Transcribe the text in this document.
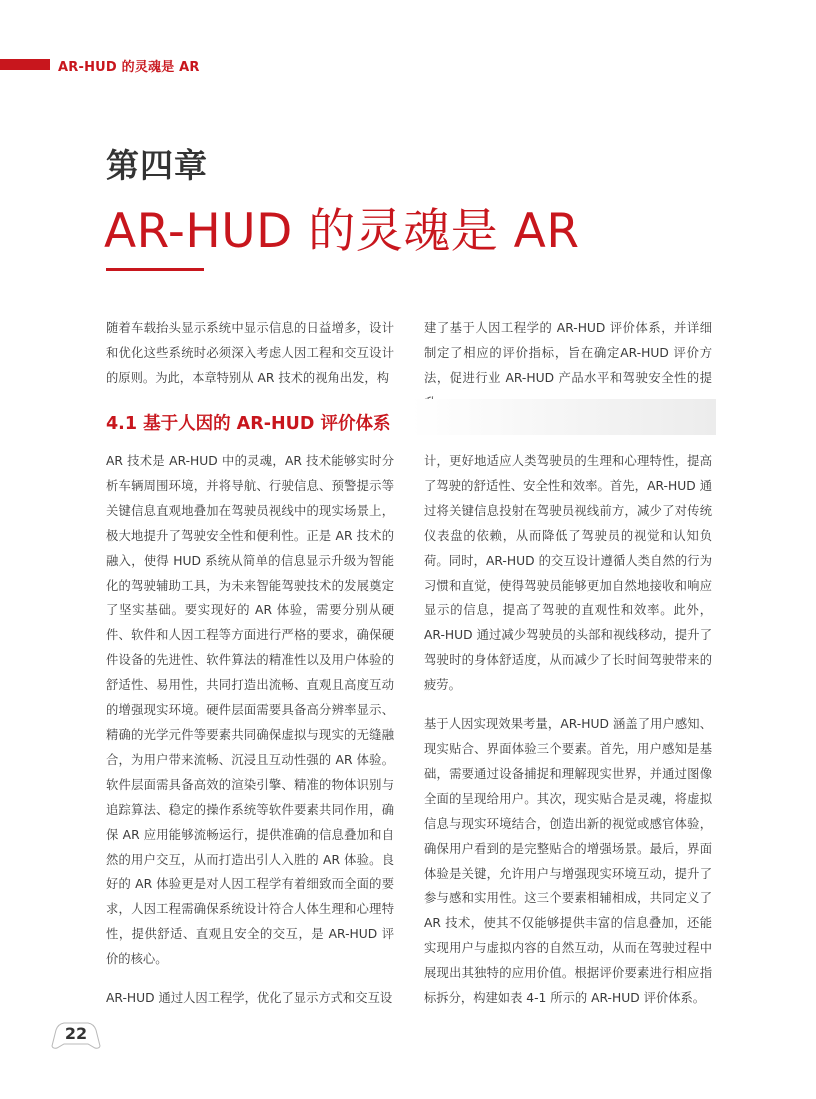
AR-HUD 的灵魂是 AR
第四章
AR-HUD 的灵魂是 AR

随着车载抬头显示系统中显示信息的日益增多，设计和优化这些系统时必须深入考虑人因工程和交互设计的原则。为此，本章特别从 AR 技术的视角出发，构

建了基于人因工程学的 AR-HUD 评价体系，并详细制定了相应的评价指标，旨在确定AR-HUD 评价方法，促进行业 AR-HUD 产品水平和驾驶安全性的提

4.1 基于人因的 AR-HUD 评价体系

AR 技术是 AR-HUD 中的灵魂，AR 技术能够实时分析车辆周围环境，并将导航、行驶信息、预警提示等关键信息直观地叠加在驾驶员视线中的现实场景上，极大地提升了驾驶安全性和便利性。正是 AR 技术的融入，使得 HUD 系统从简单的信息显示升级为智能化的驾驶辅助工具，为未来智能驾驶技术的发展奠定了坚实基础。要实现好的 AR 体验，需要分别从硬件、软件和人因工程等方面进行严格的要求，确保硬件设备的先进性、软件算法的精准性以及用户体验的舒适性、易用性，共同打造出流畅、直观且高度互动的增强现实环境。硬件层面需要具备高分辨率显示、精确的光学元件等要素共同确保虚拟与现实的无缝融合，为用户带来流畅、沉浸且互动性强的 AR 体验。软件层面需具备高效的渲染引擎、精准的物体识别与追踪算法、稳定的操作系统等软件要素共同作用，确保 AR 应用能够流畅运行，提供准确的信息叠加和自然的用户交互，从而打造出引人入胜的 AR 体验。良好的 AR 体验更是对人因工程学有着细致而全面的要求，人因工程需确保系统设计符合人体生理和心理特性，提供舒适、直观且安全的交互，是 AR-HUD 评价的核心。

AR-HUD 通过人因工程学，优化了显示方式和交互设

计，更好地适应人类驾驶员的生理和心理特性，提高了驾驶的舒适性、安全性和效率。首先，AR-HUD 通过将关键信息投射在驾驶员视线前方，减少了对传统仪表盘的依赖，从而降低了驾驶员的视觉和认知负荷。同时，AR-HUD 的交互设计遵循人类自然的行为习惯和直觉，使得驾驶员能够更加自然地接收和响应显示的信息，提高了驾驶的直观性和效率。此外，AR-HUD 通过减少驾驶员的头部和视线移动，提升了驾驶时的身体舒适度，从而减少了长时间驾驶带来的疲劳。

基于人因实现效果考量，AR-HUD 涵盖了用户感知、现实贴合、界面体验三个要素。首先，用户感知是基础，需要通过设备捕捉和理解现实世界，并通过图像全面的呈现给用户。其次，现实贴合是灵魂，将虚拟信息与现实环境结合，创造出新的视觉或感官体验，确保用户看到的是完整贴合的增强场景。最后，界面体验是关键，允许用户与增强现实环境互动，提升了参与感和实用性。这三个要素相辅相成，共同定义了 AR 技术，使其不仅能够提供丰富的信息叠加，还能实现用户与虚拟内容的自然互动，从而在驾驶过程中展现出其独特的应用价值。根据评价要素进行相应指标拆分，构建如表 4-1 所示的 AR-HUD 评价体系。

22
